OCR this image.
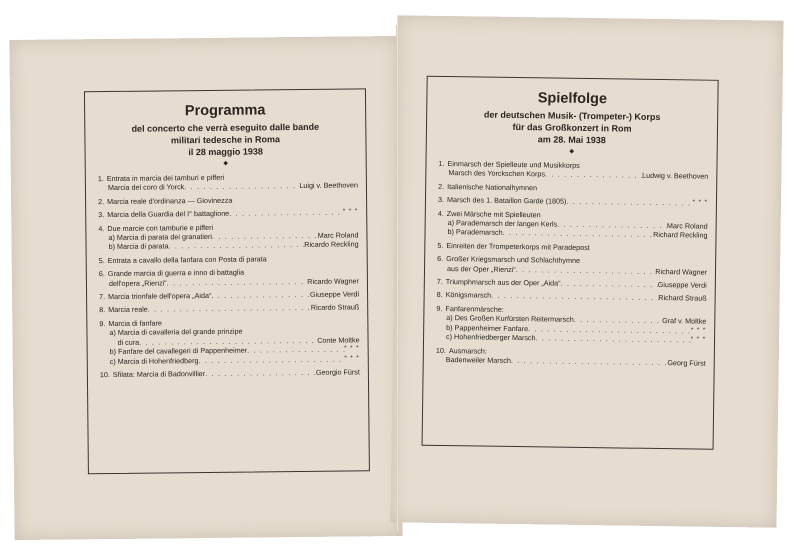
Programma
del concerto che verrà eseguito dalle bande
militari tedesche in Roma
il 28 maggio 1938
◆
1. Entrata in marcia dei tamburi e pifferi
Marcia del coro di Yorck . . .	Luigi v. Beethoven
2. Marcia reale d'ordinanza — Giovinezza
3. Marcia della Guardia del I° battaglione . . .	* * *
4. Due marcie con tamburie e pifferi
a) Marcia di parata dei granatieri . . .	Marc Roland
b) Marcia di parata . . .	Ricardo Reckling
5. Entrata a cavallo della fanfara con Posta di parata
6. Grande marcia di guerra e inno di battaglia
dell'opera „Rienzi“ . . .	Ricardo Wagner
7. Marcia trionfale dell'opera „Aida“ . . .	Giuseppe Verdi
8. Marcia reale . . .	Ricardo Strauß
9. Marcia di fanfare
a) Marcia di cavalleria del grande prinzipe
di cura . . .	Conte Moltke
b) Fanfare del cavallegeri di Pappenheimer . . .	* * *
c) Marcia di Hohenfriedberg . . .	* * *
10. Sfilata: Marcia di Badonvillier . . .	Georgio Fürst
Spielfolge
der deutschen Musik- (Trompeter-) Korps
für das Großkonzert in Rom
am 28. Mai 1938
◆
1. Einmarsch der Spielleute und Musikkorps
Marsch des Yorckschen Korps . . .	Ludwig v. Beethoven
2. Italienische Nationalhymnen
3. Marsch des 1. Bataillon Garde (1805) . . .	* * *
4. Zwei Märsche mit Spielleuten
a) Parademarsch der langen Kerls . . .	Marc Roland
b) Parademarsch . . .	Richard Reckling
5. Einreiten der Trompeterkorps mit Paradepost
6. Großer Kriegsmarsch und Schlachthymne
aus der Oper „Rienzi“ . . .	Richard Wagner
7. Triumphmarsch aus der Oper „Aida“ . . .	Giuseppe Verdi
8. Königsmarsch . . .	Richard Strauß
9. Fanfarenmärsche:
a) Des Großen Kurfürsten Reitermarsch . . .	Graf v. Moltke
b) Pappenheimer Fanfare . . .	* * *
c) Hohenfriedberger Marsch . . .	* * *
10. Ausmarsch:
Badenweiler Marsch . . .	Georg Fürst
